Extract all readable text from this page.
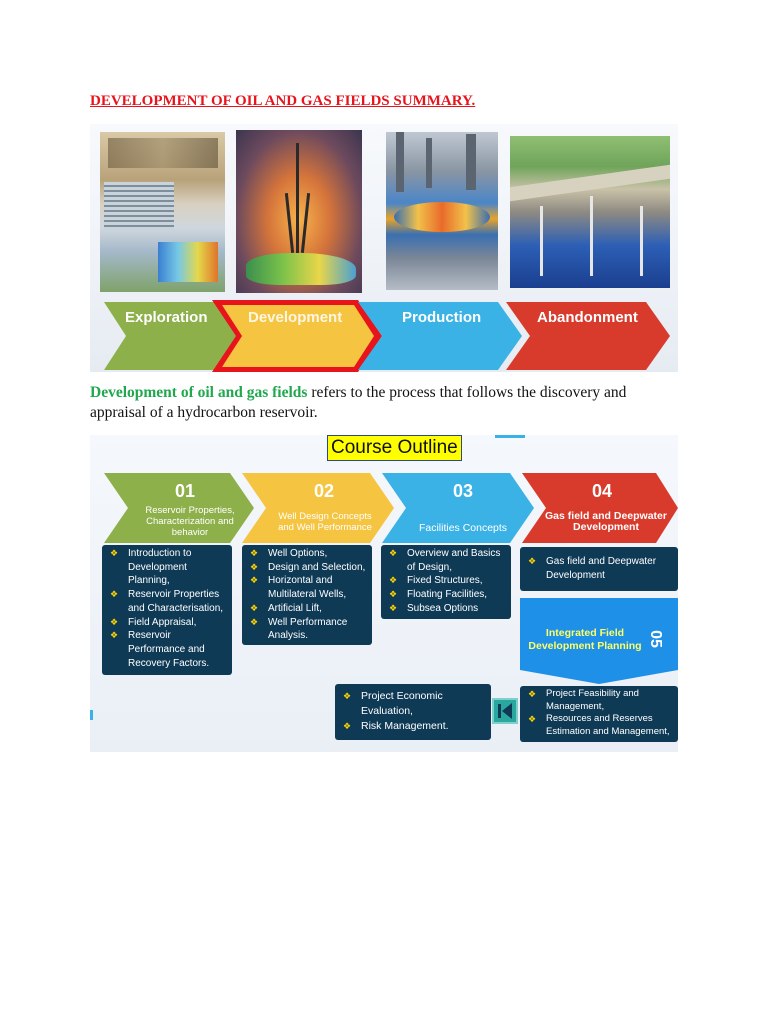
DEVELOPMENT OF OIL AND GAS FIELDS SUMMARY.
Exploration	Development	Production	Abandonment
Development of oil and gas fields refers to the process that follows the discovery and appraisal of a hydrocarbon reservoir.
Course Outline
01
Reservoir Properties, Characterization and behavior
02
Well Design Concepts and Well Performance
03
Facilities Concepts
04
Gas field and Deepwater Development
❖ Introduction to Development Planning,
❖ Reservoir Properties and Characterisation,
❖ Field Appraisal,
❖ Reservoir Performance and Recovery Factors.
❖ Well Options,
❖ Design and Selection,
❖ Horizontal and Multilateral Wells,
❖ Artificial Lift,
❖ Well Performance Analysis.
❖ Overview and Basics of Design,
❖ Fixed Structures,
❖ Floating Facilities,
❖ Subsea Options
❖ Gas field and Deepwater Development
Integrated Field Development Planning 05
❖ Project Feasibility and Management,
❖ Resources and Reserves Estimation and Management,
❖ Project Economic Evaluation,
❖ Risk Management.
